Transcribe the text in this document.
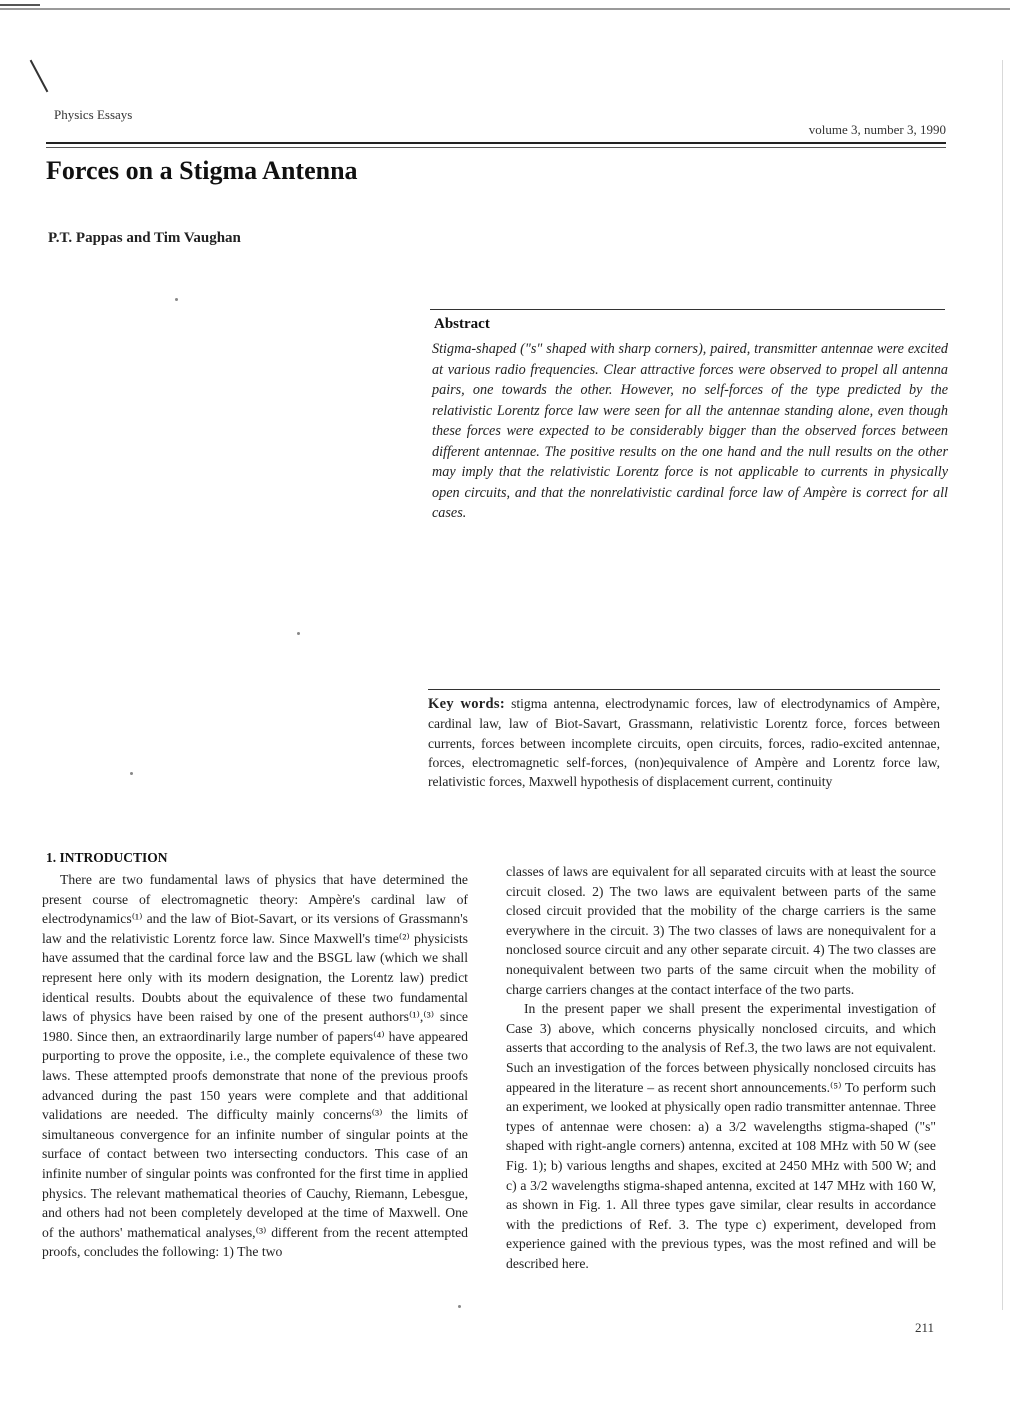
Physics Essays
volume 3, number 3, 1990
Forces on a Stigma Antenna
P.T. Pappas and Tim Vaughan
Abstract
Stigma-shaped ("s" shaped with sharp corners), paired, transmitter antennae were excited at various radio frequencies. Clear attractive forces were observed to propel all antenna pairs, one towards the other. However, no self-forces of the type predicted by the relativistic Lorentz force law were seen for all the antennae standing alone, even though these forces were expected to be considerably bigger than the observed forces between different antennae. The positive results on the one hand and the null results on the other may imply that the relativistic Lorentz force is not applicable to currents in physically open circuits, and that the nonrelativistic cardinal force law of Ampère is correct for all cases.
Key words: stigma antenna, electrodynamic forces, law of electrodynamics of Ampère, cardinal law, law of Biot-Savart, Grassmann, relativistic Lorentz force, forces between currents, forces between incomplete circuits, open circuits, forces, radio-excited antennae, forces, electromagnetic self-forces, (non)equivalence of Ampère and Lorentz force law, relativistic forces, Maxwell hypothesis of displacement current, continuity
1. INTRODUCTION

There are two fundamental laws of physics that have determined the present course of electromagnetic theory: Ampère's cardinal law of electrodynamics⁽¹⁾ and the law of Biot-Savart, or its versions of Grassmann's law and the relativistic Lorentz force law. Since Maxwell's time⁽²⁾ physicists have assumed that the cardinal force law and the BSGL law (which we shall represent here only with its modern designation, the Lorentz law) predict identical results. Doubts about the equivalence of these two fundamental laws of physics have been raised by one of the present authors⁽¹⁾,⁽³⁾ since 1980. Since then, an extraordinarily large number of papers⁽⁴⁾ have appeared purporting to prove the opposite, i.e., the complete equivalence of these two laws. These attempted proofs demonstrate that none of the previous proofs advanced during the past 150 years were complete and that additional validations are needed. The difficulty mainly concerns⁽³⁾ the limits of simultaneous convergence for an infinite number of singular points at the surface of contact between two intersecting conductors. This case of an infinite number of singular points was confronted for the first time in applied physics. The relevant mathematical theories of Cauchy, Riemann, Lebesgue, and others had not been completely developed at the time of Maxwell. One of the authors' mathematical analyses,⁽³⁾ different from the recent attempted proofs, concludes the following: 1) The two

classes of laws are equivalent for all separated circuits with at least the source circuit closed. 2) The two laws are equivalent between parts of the same closed circuit provided that the mobility of the charge carriers is the same everywhere in the circuit. 3) The two classes of laws are nonequivalent for a nonclosed source circuit and any other separate circuit. 4) The two classes are nonequivalent between two parts of the same circuit when the mobility of charge carriers changes at the contact interface of the two parts.

In the present paper we shall present the experimental investigation of Case 3) above, which concerns physically nonclosed circuits, and which asserts that according to the analysis of Ref.3, the two laws are not equivalent. Such an investigation of the forces between physically nonclosed circuits has appeared in the literature – as recent short announcements.⁽⁵⁾ To perform such an experiment, we looked at physically open radio transmitter antennae. Three types of antennae were chosen: a) a 3/2 wavelengths stigma-shaped ("s" shaped with right-angle corners) antenna, excited at 108 MHz with 50 W (see Fig. 1); b) various lengths and shapes, excited at 2450 MHz with 500 W; and c) a 3/2 wavelengths stigma-shaped antenna, excited at 147 MHz with 160 W, as shown in Fig. 1. All three types gave similar, clear results in accordance with the predictions of Ref. 3. The type c) experiment, developed from experience gained with the previous types, was the most refined and will be described here.

211
